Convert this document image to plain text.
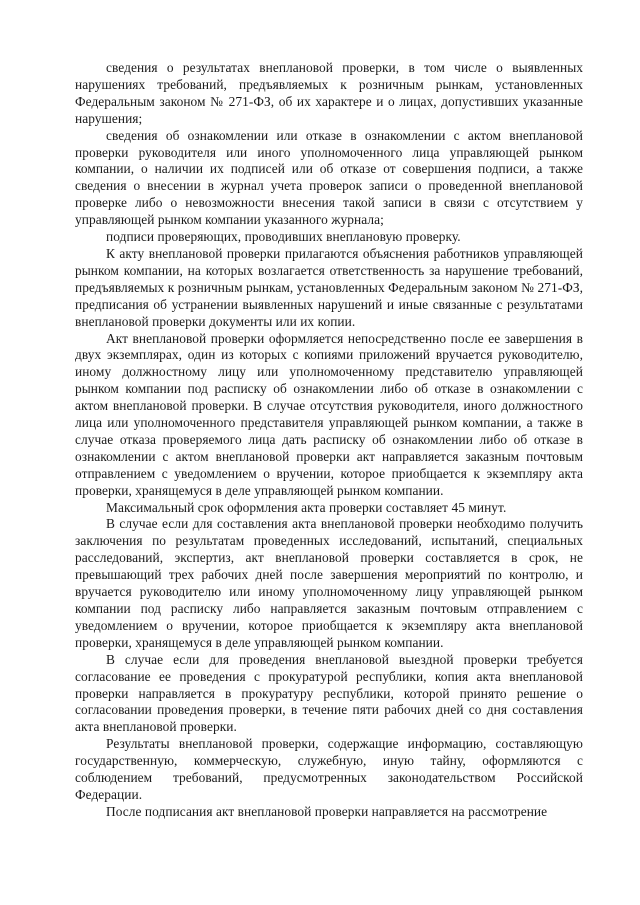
сведения о результатах внеплановой проверки, в том числе о выявленных нарушениях требований, предъявляемых к розничным рынкам, установленных Федеральным законом № 271-ФЗ, об их характере и о лицах, допустивших указанные нарушения;

сведения об ознакомлении или отказе в ознакомлении с актом внеплановой проверки руководителя или иного уполномоченного лица управляющей рынком компании, о наличии их подписей или об отказе от совершения подписи, а также сведения о внесении в журнал учета проверок записи о проведенной внеплановой проверке либо о невозможности внесения такой записи в связи с отсутствием у управляющей рынком компании указанного журнала;

подписи проверяющих, проводивших внеплановую проверку.

К акту внеплановой проверки прилагаются объяснения работников управляющей рынком компании, на которых возлагается ответственность за нарушение требований, предъявляемых к розничным рынкам, установленных Федеральным законом № 271-ФЗ, предписания об устранении выявленных нарушений и иные связанные с результатами внеплановой проверки документы или их копии.

Акт внеплановой проверки оформляется непосредственно после ее завершения в двух экземплярах, один из которых с копиями приложений вручается руководителю, иному должностному лицу или уполномоченному представителю управляющей рынком компании под расписку об ознакомлении либо об отказе в ознакомлении с актом внеплановой проверки. В случае отсутствия руководителя, иного должностного лица или уполномоченного представителя управляющей рынком компании, а также в случае отказа проверяемого лица дать расписку об ознакомлении либо об отказе в ознакомлении с актом внеплановой проверки акт направляется заказным почтовым отправлением с уведомлением о вручении, которое приобщается к экземпляру акта проверки, хранящемуся в деле управляющей рынком компании.

Максимальный срок оформления акта проверки составляет 45 минут.

В случае если для составления акта внеплановой проверки необходимо получить заключения по результатам проведенных исследований, испытаний, специальных расследований, экспертиз, акт внеплановой проверки составляется в срок, не превышающий трех рабочих дней после завершения мероприятий по контролю, и вручается руководителю или иному уполномоченному лицу управляющей рынком компании под расписку либо направляется заказным почтовым отправлением с уведомлением о вручении, которое приобщается к экземпляру акта внеплановой проверки, хранящемуся в деле управляющей рынком компании.

В случае если для проведения внеплановой выездной проверки требуется согласование ее проведения с прокуратурой республики, копия акта внеплановой проверки направляется в прокуратуру республики, которой принято решение о согласовании проведения проверки, в течение пяти рабочих дней со дня составления акта внеплановой проверки.

Результаты внеплановой проверки, содержащие информацию, составляющую государственную, коммерческую, служебную, иную тайну, оформляются с соблюдением требований, предусмотренных законодательством Российской Федерации.

После подписания акт внеплановой проверки направляется на рассмотрение
